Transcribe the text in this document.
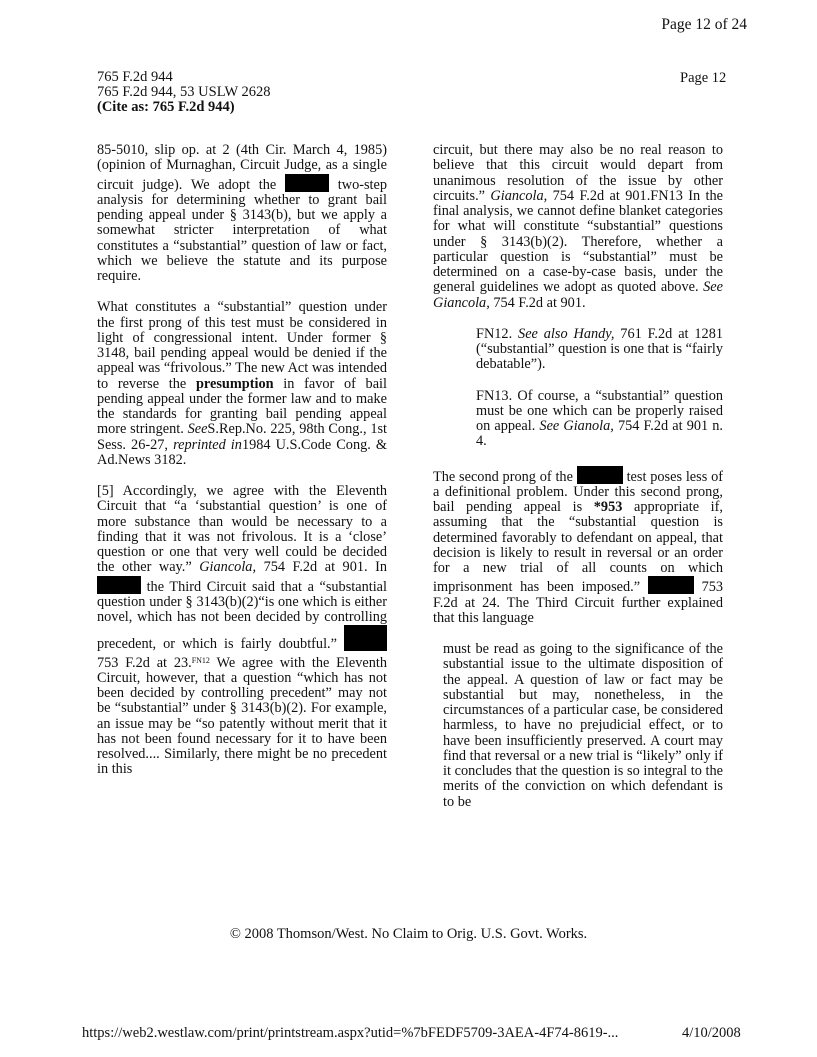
Page 12 of 24
765 F.2d 944
765 F.2d 944, 53 USLW 2628
(Cite as: 765 F.2d 944)
Page 12

85-5010, slip op. at 2 (4th Cir. March 4, 1985) (opinion of Murnaghan, Circuit Judge, as a single circuit judge). We adopt the	two-step analysis for determining whether to grant bail pending appeal under § 3143(b), but we apply a somewhat stricter interpretation of what constitutes a “substantial” question of law or fact, which we believe the statute and its purpose require.

What constitutes a “substantial” question under the first prong of this test must be considered in light of congressional intent. Under former § 3148, bail pending appeal would be denied if the appeal was “frivolous.” The new Act was intended to reverse the presumption in favor of bail pending appeal under the former law and to make the standards for granting bail pending appeal more stringent. SeeS.Rep.No. 225, 98th Cong., 1st Sess. 26-27, reprinted in1984 U.S.Code Cong. & Ad.News 3182.

[5] Accordingly, we agree with the Eleventh Circuit that “a ‘substantial question’ is one of more substance than would be necessary to a finding that it was not frivolous. It is a ‘close’ question or one that very well could be decided the other way.” Giancola, 754 F.2d at 901. In  the Third Circuit said that a “substantial question under § 3143(b)(2)“is one which is either novel, which has not been decided by controlling precedent, or which is fairly doubtful.”  753 F.2d at 23.$^{FN12}$ We agree with the Eleventh Circuit, however, that a question “which has not been decided by controlling precedent” may not be “substantial” under § 3143(b)(2). For example, an issue may be “so patently without merit that it has not been found necessary for it to have been resolved.... Similarly, there might be no precedent in this

circuit, but there may also be no real reason to believe that this circuit would depart from unanimous resolution of the issue by other circuits.” Giancola, 754 F.2d at 901.FN13 In the final analysis, we cannot define blanket categories for what will constitute “substantial” questions under § 3143(b)(2). Therefore, whether a particular question is “substantial” must be determined on a case-by-case basis, under the general guidelines we adopt as quoted above. See Giancola, 754 F.2d at 901.

FN12. See also Handy, 761 F.2d at 1281 (“substantial” question is one that is “fairly debatable”).

FN13. Of course, a “substantial” question must be one which can be properly raised on appeal. See Gianola, 754 F.2d at 901 n. 4.

The second prong of the	test poses less of a definitional problem. Under this second prong, bail pending appeal is *953 appropriate if, assuming that the “substantial question is determined favorably to defendant on appeal, that decision is likely to result in reversal or an order for a new trial of all counts on which imprisonment has been imposed.”	753 F.2d at 24. The Third Circuit further explained that this language

must be read as going to the significance of the substantial issue to the ultimate disposition of the appeal. A question of law or fact may be substantial but may, nonetheless, in the circumstances of a particular case, be considered harmless, to have no prejudicial effect, or to have been insufficiently preserved. A court may find that reversal or a new trial is “likely” only if it concludes that the question is so integral to the merits of the conviction on which defendant is to be

© 2008 Thomson/West. No Claim to Orig. U.S. Govt. Works.
https://web2.westlaw.com/print/printstream.aspx?utid=%7bFEDF5709-3AEA-4F74-8619-...	4/10/2008
